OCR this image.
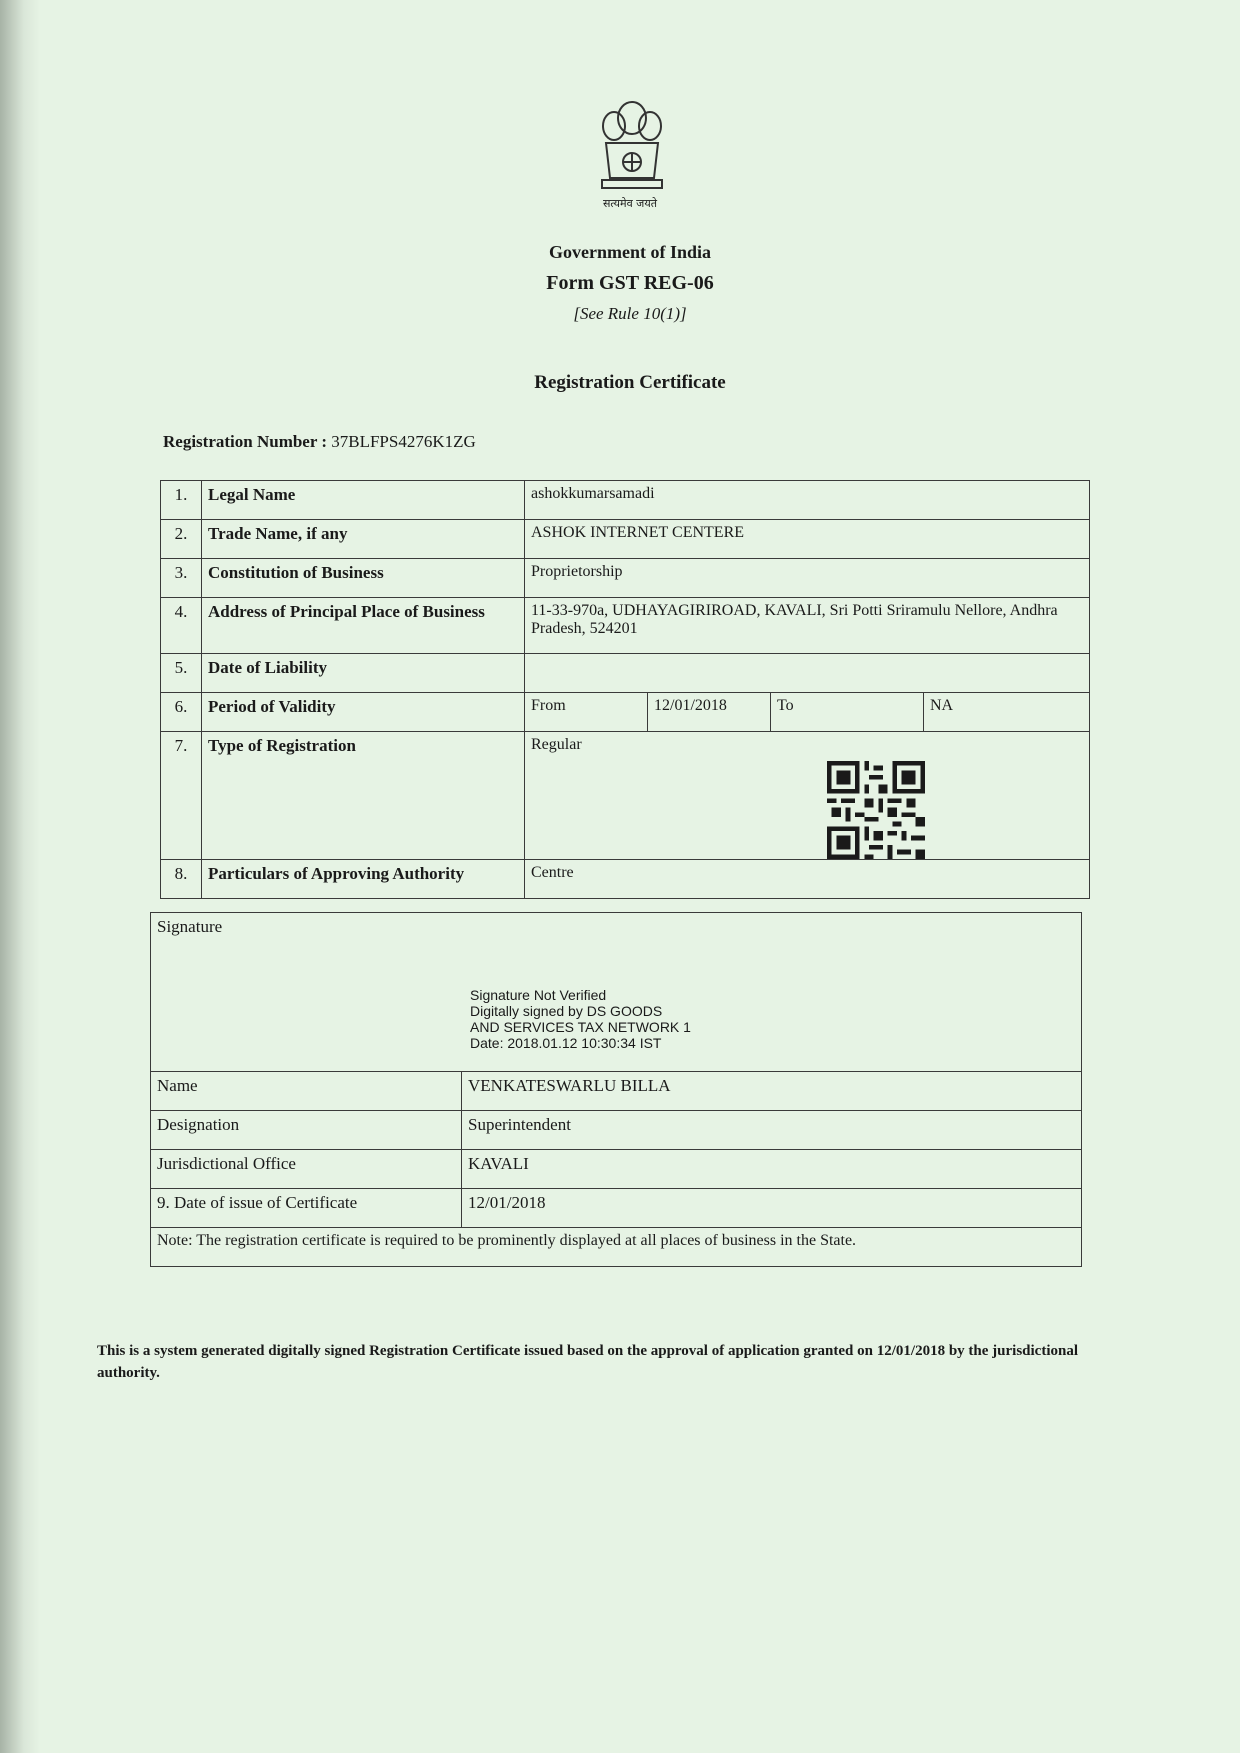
सत्यमेव जयते
Government of India
Form GST REG-06
[See Rule 10(1)]
Registration Certificate
Registration Number : 37BLFPS4276K1ZG
1.	Legal Name	ashokkumarsamadi			
2.	Trade Name, if any	ASHOK INTERNET CENTERE			
3.	Constitution of Business	Proprietorship			
4.	Address of Principal Place of Business	11-33-970a, UDHAYAGIRIROAD, KAVALI, Sri Potti Sriramulu Nellore, Andhra Pradesh, 524201			
5.	Date of Liability				
6.	Period of Validity	From	12/01/2018	To	NA
7.	Type of Registration	Regular			
8.	Particulars of Approving Authority	Centre			
Signature
Signature Not Verified
Digitally signed by DS GOODS
AND SERVICES TAX NETWORK 1
Date: 2018.01.12 10:30:34 IST	

Name	VENKATESWARLU BILLA
Designation	Superintendent
Jurisdictional Office	KAVALI
9. Date of issue of Certificate	12/01/2018
Note: The registration certificate is required to be prominently displayed at all places of business in the State.	
This is a system generated digitally signed Registration Certificate issued based on the approval of application granted on 12/01/2018 by the jurisdictional authority.
